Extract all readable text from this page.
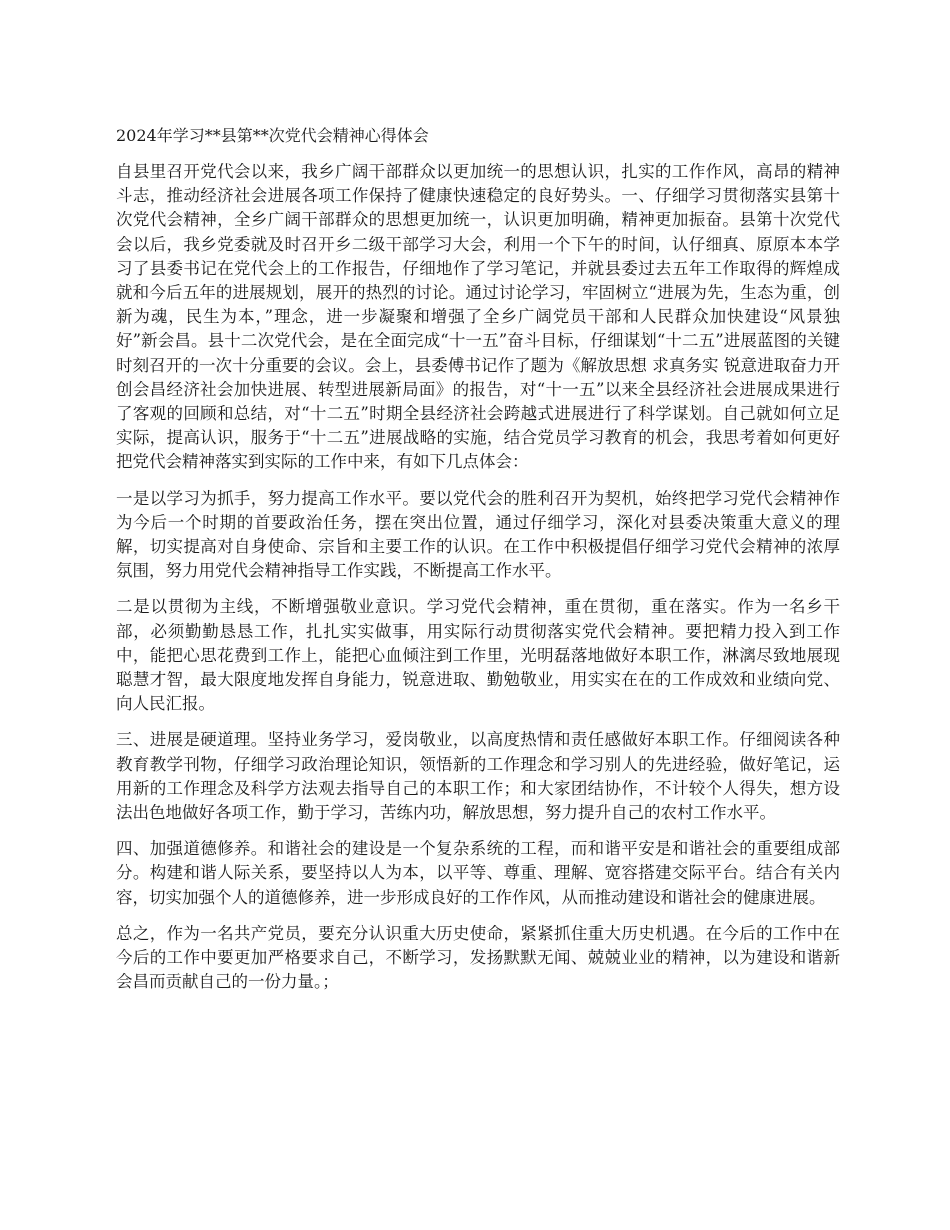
2024年学习**县第**次党代会精神心得体会

自县里召开党代会以来，我乡广阔干部群众以更加统一的思想认识，扎实的工作作风，高昂的精神斗志，推动经济社会进展各项工作保持了健康快速稳定的良好势头。一、仔细学习贯彻落实县第十次党代会精神，全乡广阔干部群众的思想更加统一，认识更加明确，精神更加振奋。县第十次党代会以后，我乡党委就及时召开乡二级干部学习大会，利用一个下午的时间，认仔细真、原原本本学习了县委书记在党代会上的工作报告，仔细地作了学习笔记，并就县委过去五年工作取得的辉煌成就和今后五年的进展规划，展开的热烈的讨论。通过讨论学习，牢固树立“进展为先，生态为重，创新为魂，民生为本，”理念，进一步凝聚和增强了全乡广阔党员干部和人民群众加快建设“风景独好”新会昌。县十二次党代会，是在全面完成“十一五”奋斗目标，仔细谋划“十二五”进展蓝图的关键时刻召开的一次十分重要的会议。会上，县委傅书记作了题为《解放思想 求真务实 锐意进取奋力开创会昌经济社会加快进展、转型进展新局面》的报告，对“十一五”以来全县经济社会进展成果进行了客观的回顾和总结，对“十二五”时期全县经济社会跨越式进展进行了科学谋划。自己就如何立足实际，提高认识，服务于“十二五”进展战略的实施，结合党员学习教育的机会，我思考着如何更好把党代会精神落实到实际的工作中来，有如下几点体会：

一是以学习为抓手，努力提高工作水平。要以党代会的胜利召开为契机，始终把学习党代会精神作为今后一个时期的首要政治任务，摆在突出位置，通过仔细学习，深化对县委决策重大意义的理解，切实提高对自身使命、宗旨和主要工作的认识。在工作中积极提倡仔细学习党代会精神的浓厚氛围，努力用党代会精神指导工作实践，不断提高工作水平。

二是以贯彻为主线，不断增强敬业意识。学习党代会精神，重在贯彻，重在落实。作为一名乡干部，必须勤勤恳恳工作，扎扎实实做事，用实际行动贯彻落实党代会精神。要把精力投入到工作中，能把心思花费到工作上，能把心血倾注到工作里，光明磊落地做好本职工作，淋漓尽致地展现聪慧才智，最大限度地发挥自身能力，锐意进取、勤勉敬业，用实实在在的工作成效和业绩向党、向人民汇报。

三、进展是硬道理。坚持业务学习，爱岗敬业，以高度热情和责任感做好本职工作。仔细阅读各种教育教学刊物，仔细学习政治理论知识，领悟新的工作理念和学习别人的先进经验，做好笔记，运用新的工作理念及科学方法观去指导自己的本职工作；和大家团结协作，不计较个人得失，想方设法出色地做好各项工作，勤于学习，苦练内功，解放思想，努力提升自己的农村工作水平。

四、加强道德修养。和谐社会的建设是一个复杂系统的工程，而和谐平安是和谐社会的重要组成部分。构建和谐人际关系，要坚持以人为本，以平等、尊重、理解、宽容搭建交际平台。结合有关内容，切实加强个人的道德修养，进一步形成良好的工作作风，从而推动建设和谐社会的健康进展。

总之，作为一名共产党员，要充分认识重大历史使命，紧紧抓住重大历史机遇。在今后的工作中在今后的工作中要更加严格要求自己，不断学习，发扬默默无闻、兢兢业业的精神，以为建设和谐新会昌而贡献自己的一份力量。；
